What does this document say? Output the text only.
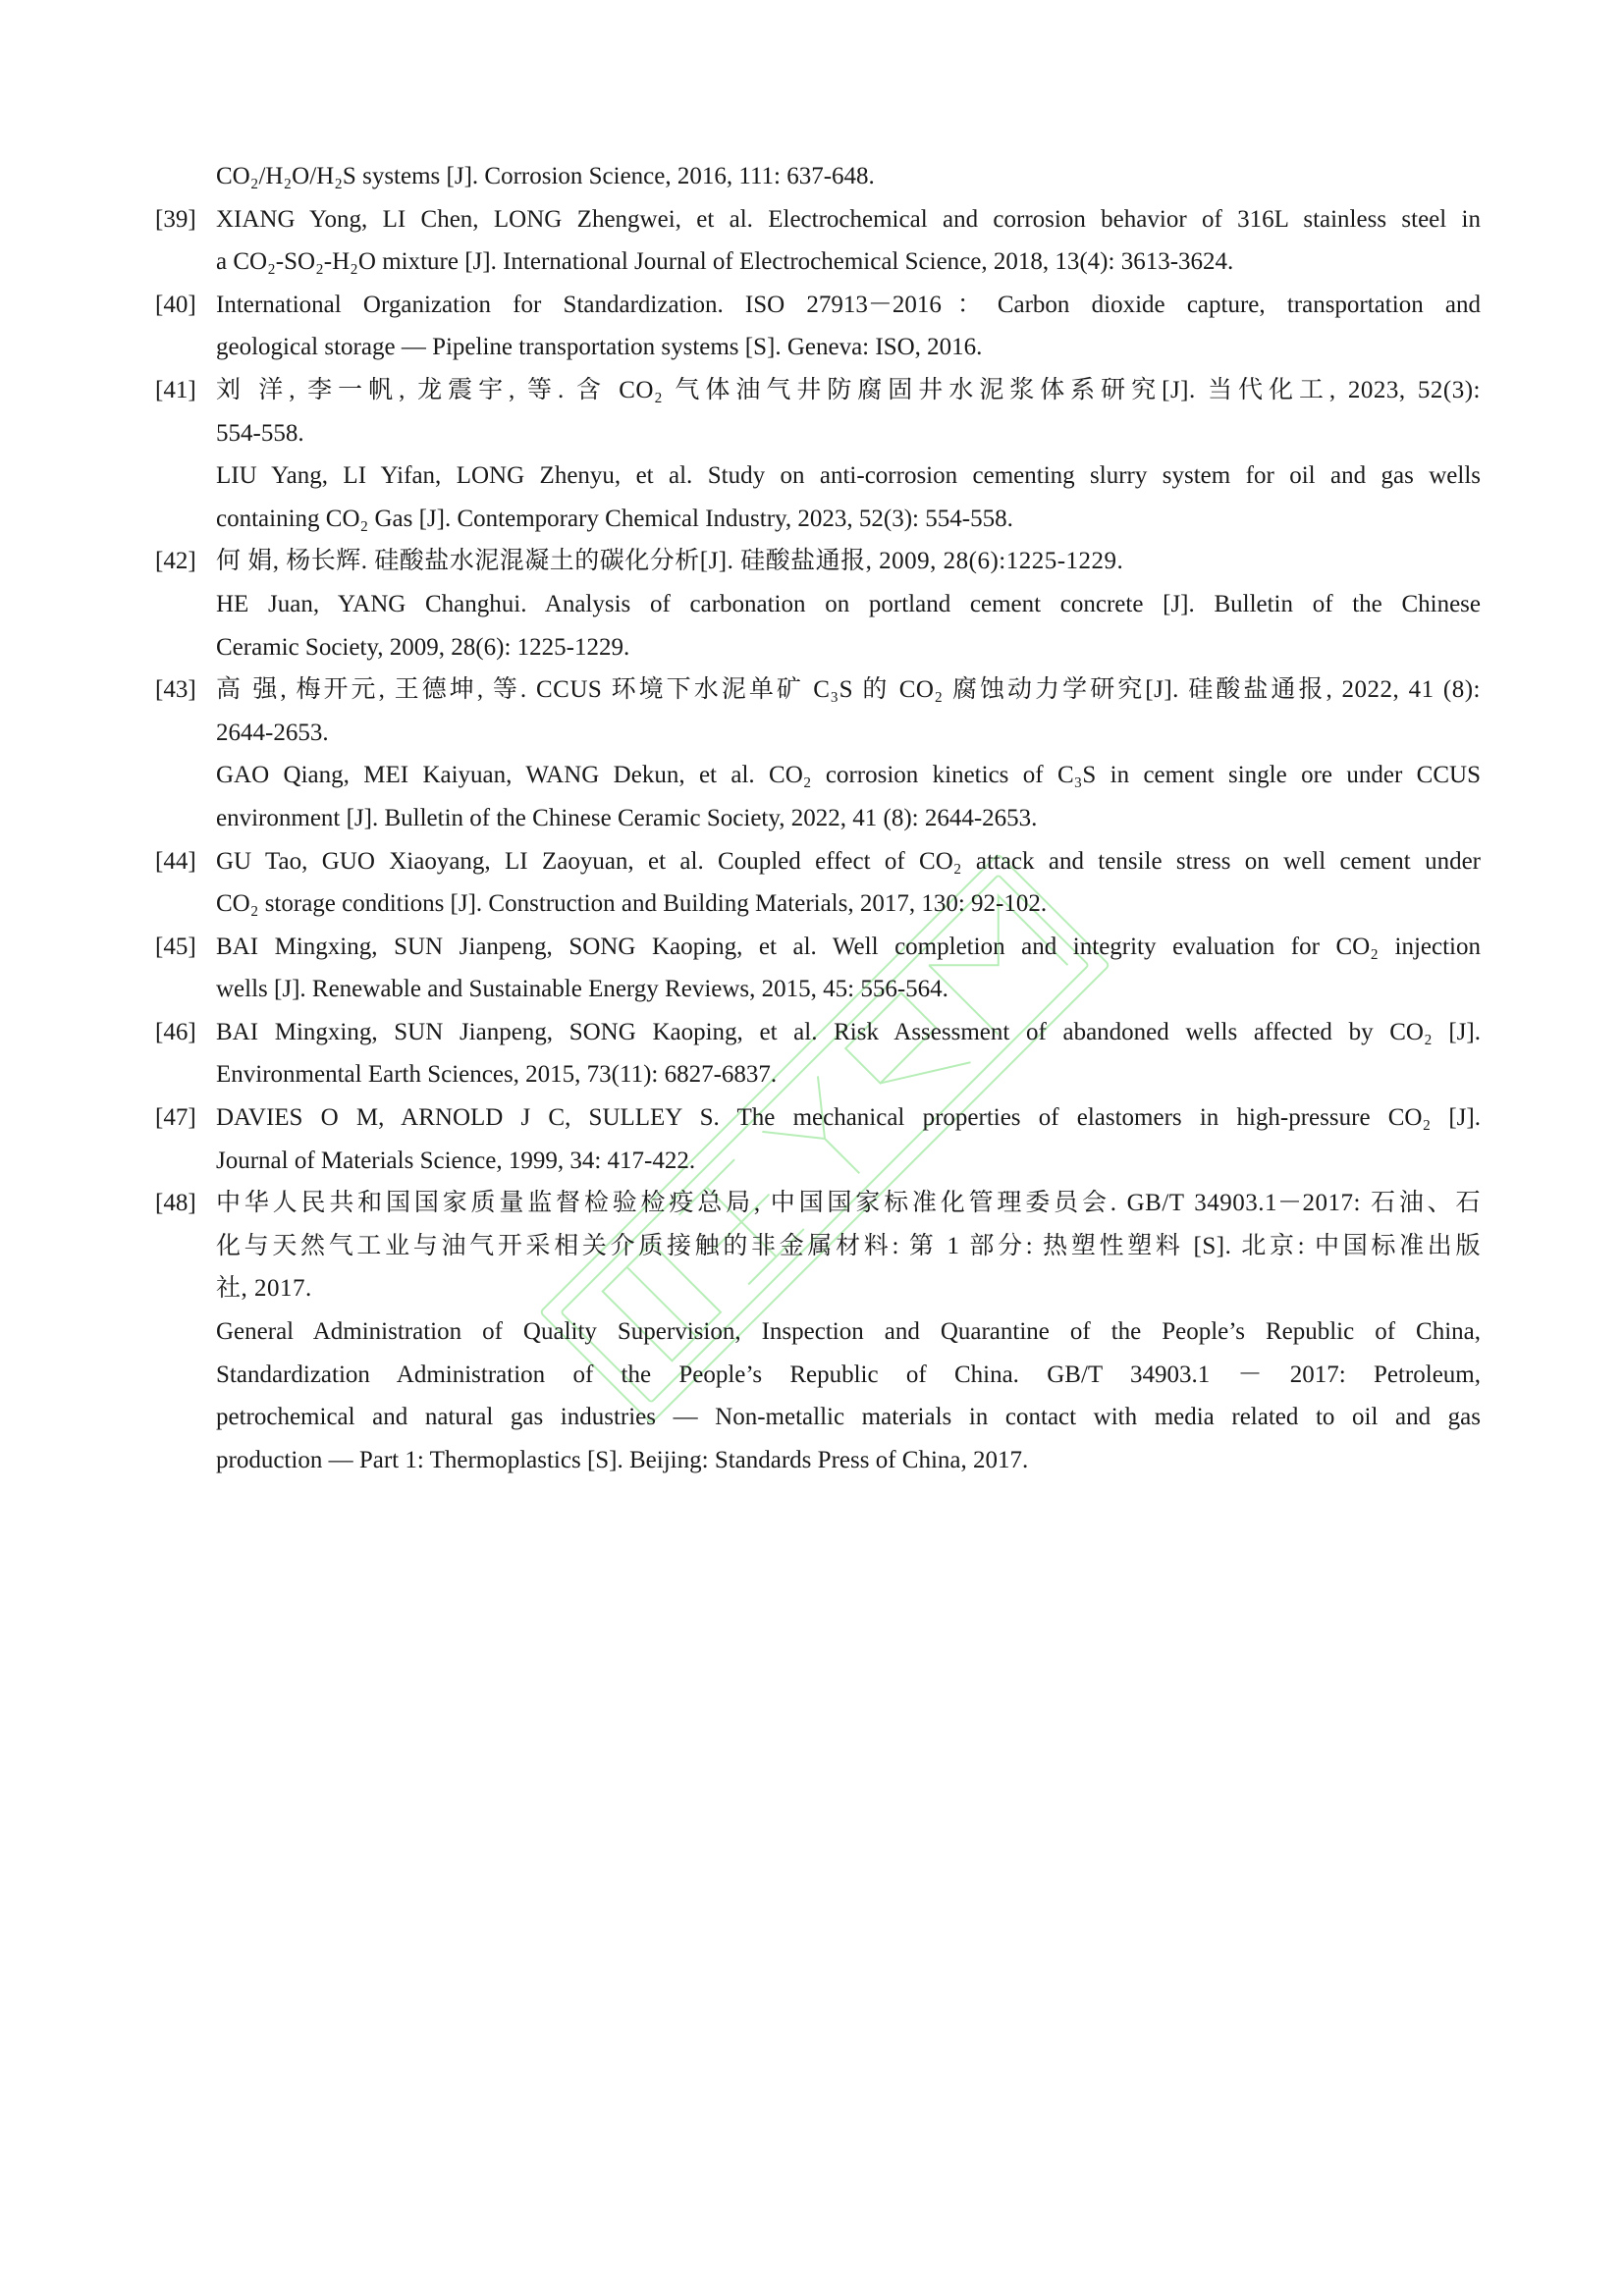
CO₂/H₂O/H₂S systems [J]. Corrosion Science, 2016, 111: 637-648.
[39] XIANG Yong, LI Chen, LONG Zhengwei, et al. Electrochemical and corrosion behavior of 316L stainless steel in
a CO₂-SO₂-H₂O mixture [J]. International Journal of Electrochemical Science, 2018, 13(4): 3613-3624.
[40] International Organization for Standardization. ISO 27913－2016：Carbon dioxide capture, transportation and
geological storage — Pipeline transportation systems [S]. Geneva: ISO, 2016.
[41] 刘 洋, 李一帆, 龙震宇, 等. 含 CO₂ 气体油气井防腐固井水泥浆体系研究[J]. 当代化工, 2023, 52(3):
554-558.
LIU Yang, LI Yifan, LONG Zhenyu, et al. Study on anti-corrosion cementing slurry system for oil and gas wells
containing CO₂ Gas [J]. Contemporary Chemical Industry, 2023, 52(3): 554-558.
[42] 何 娟, 杨长辉. 硅酸盐水泥混凝土的碳化分析[J]. 硅酸盐通报, 2009, 28(6):1225-1229.
HE Juan, YANG Changhui. Analysis of carbonation on portland cement concrete [J]. Bulletin of the Chinese
Ceramic Society, 2009, 28(6): 1225-1229.
[43] 高 强, 梅开元, 王德坤, 等. CCUS 环境下水泥单矿 C₃S 的 CO₂ 腐蚀动力学研究[J]. 硅酸盐通报, 2022, 41 (8):
2644-2653.
GAO Qiang, MEI Kaiyuan, WANG Dekun, et al. CO₂ corrosion kinetics of C₃S in cement single ore under CCUS
environment [J]. Bulletin of the Chinese Ceramic Society, 2022, 41 (8): 2644-2653.
[44] GU Tao, GUO Xiaoyang, LI Zaoyuan, et al. Coupled effect of CO₂ attack and tensile stress on well cement under
CO₂ storage conditions [J]. Construction and Building Materials, 2017, 130: 92-102.
[45] BAI Mingxing, SUN Jianpeng, SONG Kaoping, et al. Well completion and integrity evaluation for CO₂ injection
wells [J]. Renewable and Sustainable Energy Reviews, 2015, 45: 556-564.
[46] BAI Mingxing, SUN Jianpeng, SONG Kaoping, et al. Risk Assessment of abandoned wells affected by CO₂ [J].
Environmental Earth Sciences, 2015, 73(11): 6827-6837.
[47] DAVIES O M, ARNOLD J C, SULLEY S. The mechanical properties of elastomers in high-pressure CO₂ [J].
Journal of Materials Science, 1999, 34: 417-422.
[48] 中华人民共和国国家质量监督检验检疫总局, 中国国家标准化管理委员会. GB/T 34903.1－2017: 石油、石
化与天然气工业与油气开采相关介质接触的非金属材料: 第 1 部分: 热塑性塑料 [S]. 北京: 中国标准出版
社, 2017.
General Administration of Quality Supervision, Inspection and Quarantine of the People’s Republic of China,
Standardization Administration of the People’s Republic of China. GB/T 34903.1 － 2017: Petroleum,
petrochemical and natural gas industries — Non-metallic materials in contact with media related to oil and gas
production — Part 1: Thermoplastics [S]. Beijing: Standards Press of China, 2017.
